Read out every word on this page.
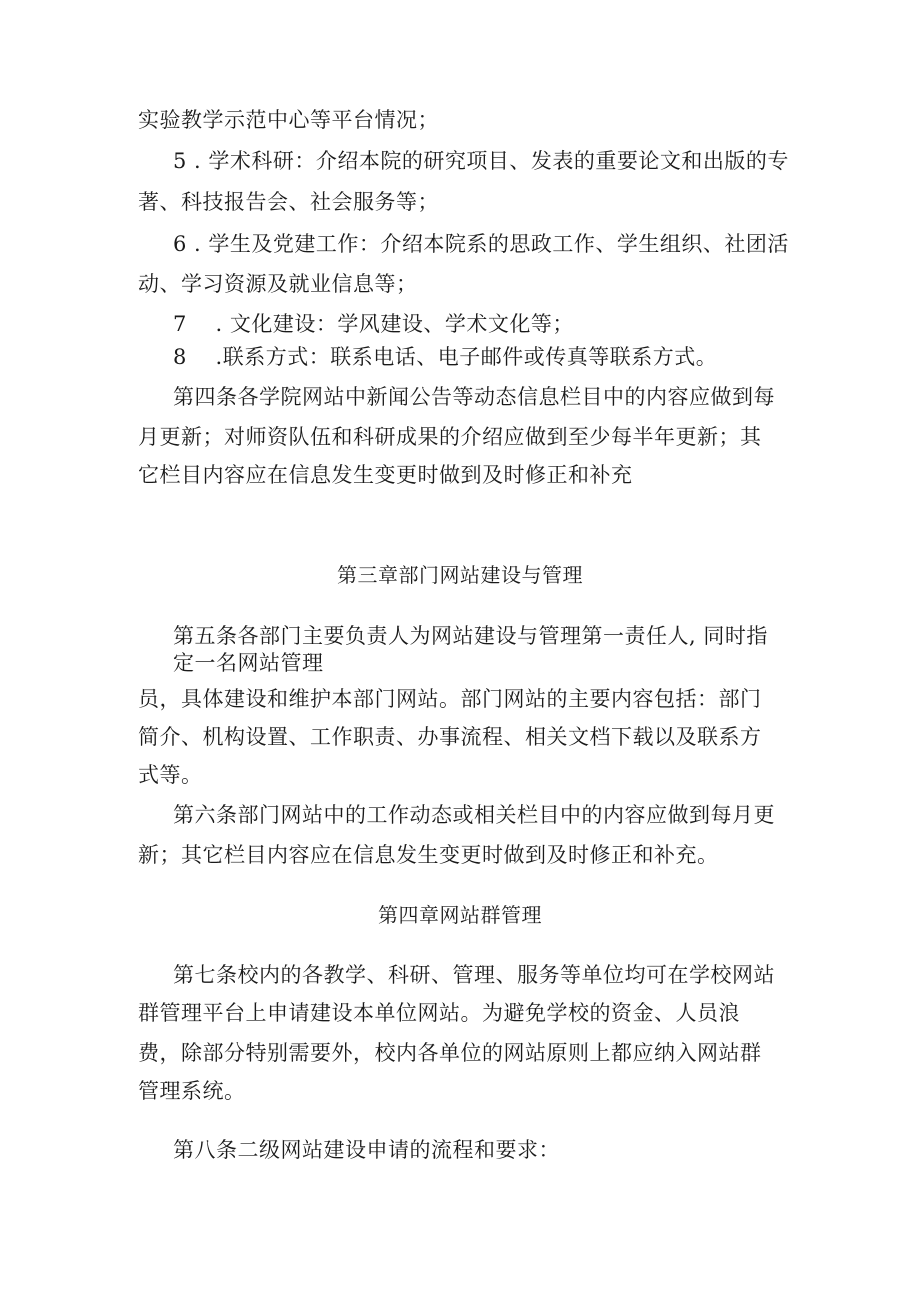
实验教学示范中心等平台情况；
5 . 学术科研：介绍本院的研究项目、发表的重要论文和出版的专
著、科技报告会、社会服务等；
6 . 学生及党建工作：介绍本院系的思政工作、学生组织、社团活
动、学习资源及就业信息等；
7　 . 文化建设：学风建设、学术文化等；
8　 .联系方式：联系电话、电子邮件或传真等联系方式。
第四条各学院网站中新闻公告等动态信息栏目中的内容应做到每
月更新；对师资队伍和科研成果的介绍应做到至少每半年更新；其
它栏目内容应在信息发生变更时做到及时修正和补充
第三章部门网站建设与管理
第五条各部门主要负责人为网站建设与管理第一责任人, 同时指
定一名网站管理
员，具体建设和维护本部门网站。部门网站的主要内容包括：部门
简介、机构设置、工作职责、办事流程、相关文档下载以及联系方
式等。
第六条部门网站中的工作动态或相关栏目中的内容应做到每月更
新；其它栏目内容应在信息发生变更时做到及时修正和补充。
第四章网站群管理
第七条校内的各教学、科研、管理、服务等单位均可在学校网站
群管理平台上申请建设本单位网站。为避免学校的资金、人员浪
费，除部分特别需要外，校内各单位的网站原则上都应纳入网站群
管理系统。
第八条二级网站建设申请的流程和要求：
